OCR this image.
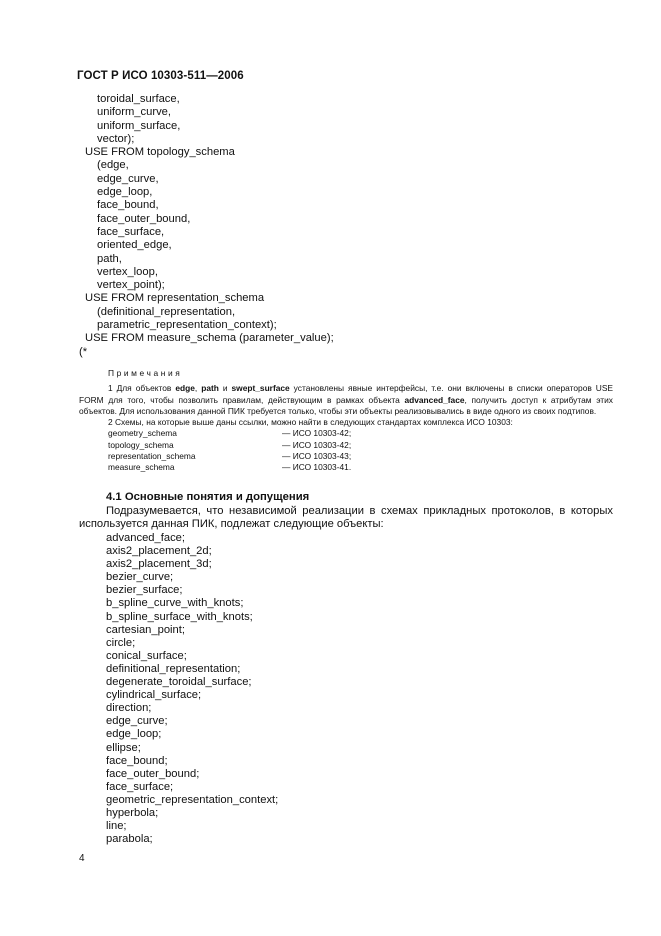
ГОСТ Р ИСО 10303-511—2006
toroidal_surface,
uniform_curve,
uniform_surface,
vector);
USE FROM topology_schema
(edge,
edge_curve,
edge_loop,
face_bound,
face_outer_bound,
face_surface,
oriented_edge,
path,
vertex_loop,
vertex_point);
USE FROM representation_schema
(definitional_representation,
parametric_representation_context);
USE FROM measure_schema (parameter_value);
(*
Примечания

1 Для объектов edge, path и swept_surface установлены явные интерфейсы, т.е. они включены в списки операторов USE FORM для того, чтобы позволить правилам, действующим в рамках объекта advanced_face, получить доступ к атрибутам этих объектов. Для использования данной ПИК требуется только, чтобы эти объекты реализовывались в виде одного из своих подтипов.

2 Схемы, на которые выше даны ссылки, можно найти в следующих стандартах комплекса ИСО 10303:

geometry_schema	— ИСО 10303-42;
topology_schema	— ИСО 10303-42;
representation_schema	— ИСО 10303-43;
measure_schema	— ИСО 10303-41.
4.1 Основные понятия и допущения
Подразумевается, что независимой реализации в схемах прикладных протоколов, в которых используется данная ПИК, подлежат следующие объекты:
advanced_face;
axis2_placement_2d;
axis2_placement_3d;
bezier_curve;
bezier_surface;
b_spline_curve_with_knots;
b_spline_surface_with_knots;
cartesian_point;
circle;
conical_surface;
definitional_representation;
degenerate_toroidal_surface;
cylindrical_surface;
direction;
edge_curve;
edge_loop;
ellipse;
face_bound;
face_outer_bound;
face_surface;
geometric_representation_context;
hyperbola;
line;
parabola;
4
